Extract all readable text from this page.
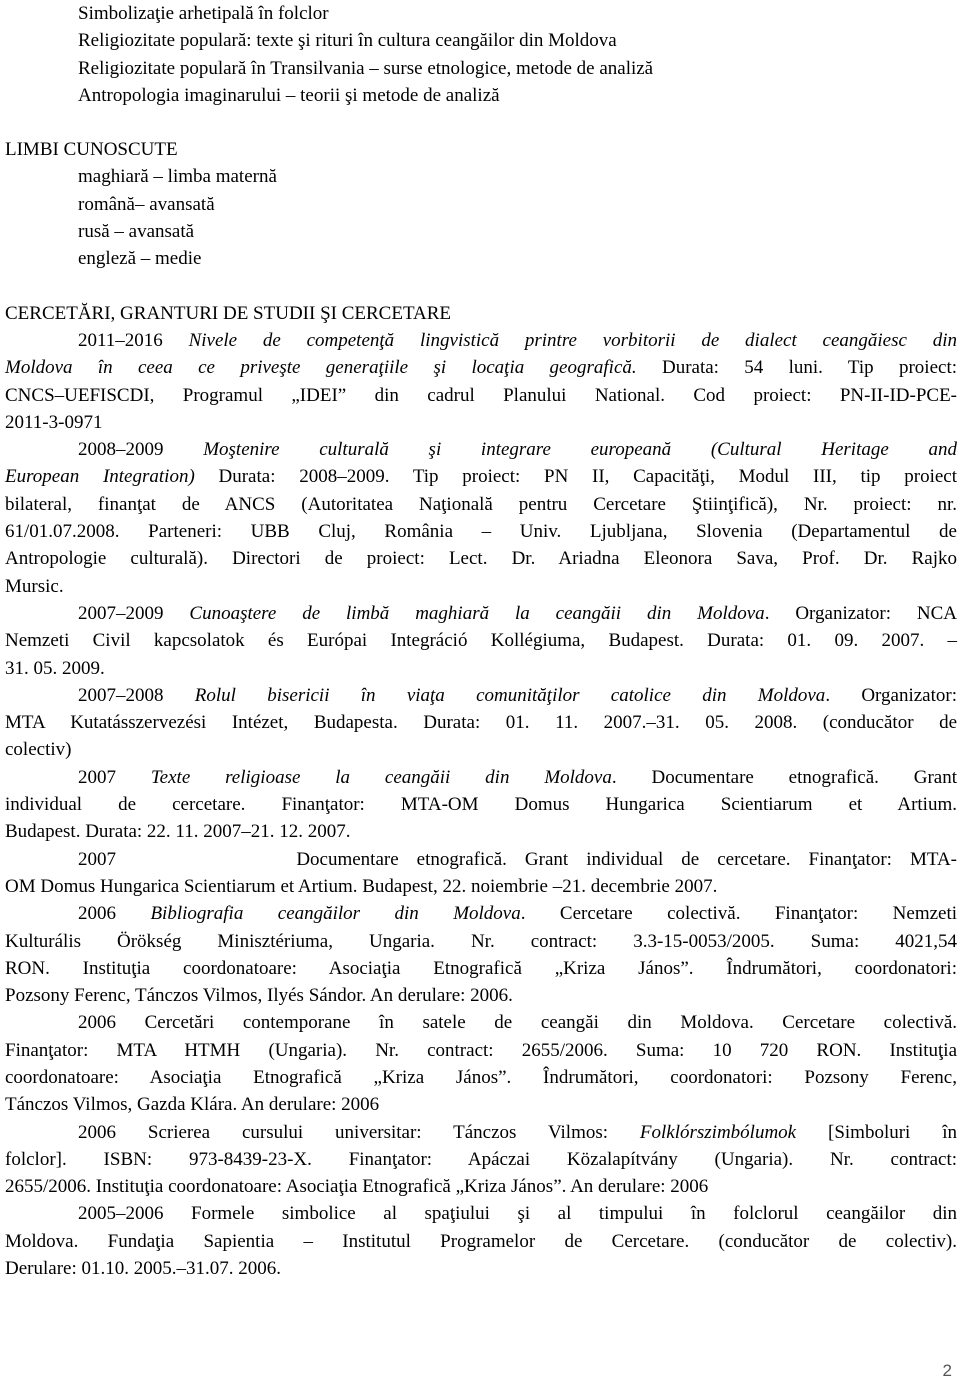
Simbolizaţie arhetipală în folclor
Religiozitate populară: texte şi rituri în cultura ceangăilor din Moldova
Religiozitate populară în Transilvania – surse etnologice, metode de analiză
Antropologia imaginarului – teorii şi metode de analiză
LIMBI CUNOSCUTE
maghiară – limba maternă
română– avansată
rusă – avansată
engleză – medie
CERCETĂRI, GRANTURI DE STUDII ŞI CERCETARE
2011–2016 Nivele de competenţă lingvistică printre vorbitorii de dialect ceangăiesc din
Moldova în ceea ce priveşte generaţiile şi locaţia geografică. Durata: 54 luni. Tip proiect:
CNCS–UEFISCDI, Programul „IDEI” din cadrul Planului National. Cod proiect: PN-II-ID-PCE-
2011-3-0971
2008–2009 Moştenire culturală şi integrare europeană (Cultural Heritage and
European Integration) Durata: 2008–2009. Tip proiect: PN II, Capacităţi, Modul III, tip proiect
bilateral, finanţat de ANCS (Autoritatea Naţională pentru Cercetare Ştiinţifică), Nr. proiect: nr.
61/01.07.2008. Parteneri: UBB Cluj, România – Univ. Ljubljana, Slovenia (Departamentul de
Antropologie culturală). Directori de proiect: Lect. Dr. Ariadna Eleonora Sava, Prof. Dr. Rajko
Mursic.
2007–2009 Cunoaştere de limbă maghiară la ceangăii din Moldova. Organizator: NCA
Nemzeti Civil kapcsolatok és Európai Integráció Kollégiuma, Budapest. Durata: 01. 09. 2007. –
31. 05. 2009.
2007–2008 Rolul bisericii în viaţa comunităţilor catolice din Moldova. Organizator:
MTA Kutatásszervezési Intézet, Budapesta. Durata: 01. 11. 2007.–31. 05. 2008. (conducător de
colectiv)
2007 Texte religioase la ceangăii din Moldova. Documentare etnografică. Grant
individual de cercetare. Finanţator: MTA-OM Domus Hungarica Scientiarum et Artium.
Budapest. Durata: 22. 11. 2007–21. 12. 2007.
2007          Documentare etnografică. Grant individual de cercetare. Finanţator: MTA-
OM Domus Hungarica Scientiarum et Artium. Budapest, 22. noiembrie –21. decembrie 2007.
2006 Bibliografia ceangăilor din Moldova. Cercetare colectivă. Finanţator: Nemzeti
Kulturális Örökség Minisztériuma, Ungaria. Nr. contract: 3.3-15-0053/2005. Suma: 4021,54
RON. Instituţia coordonatoare: Asociaţia Etnografică „Kriza János”. Îndrumători, coordonatori:
Pozsony Ferenc, Tánczos Vilmos, Ilyés Sándor. An derulare: 2006.
2006 Cercetări contemporane în satele de ceangăi din Moldova. Cercetare colectivă.
Finanţator: MTA HTMH (Ungaria). Nr. contract: 2655/2006. Suma: 10 720 RON. Instituţia
coordonatoare: Asociaţia Etnografică „Kriza János”. Îndrumători, coordonatori: Pozsony Ferenc,
Tánczos Vilmos, Gazda Klára. An derulare: 2006
2006 Scrierea cursului universitar: Tánczos Vilmos: Folklórszimbólumok [Simboluri în
folclor]. ISBN: 973-8439-23-X. Finanţator: Apáczai Közalapítvány (Ungaria). Nr. contract:
2655/2006. Instituţia coordonatoare: Asociaţia Etnografică „Kriza János”. An derulare: 2006
2005–2006 Formele simbolice al spaţiului şi al timpului în folclorul ceangăilor din
Moldova. Fundaţia Sapientia – Institutul Programelor de Cercetare. (conducător de colectiv).
Derulare: 01.10. 2005.–31.07. 2006.
2
